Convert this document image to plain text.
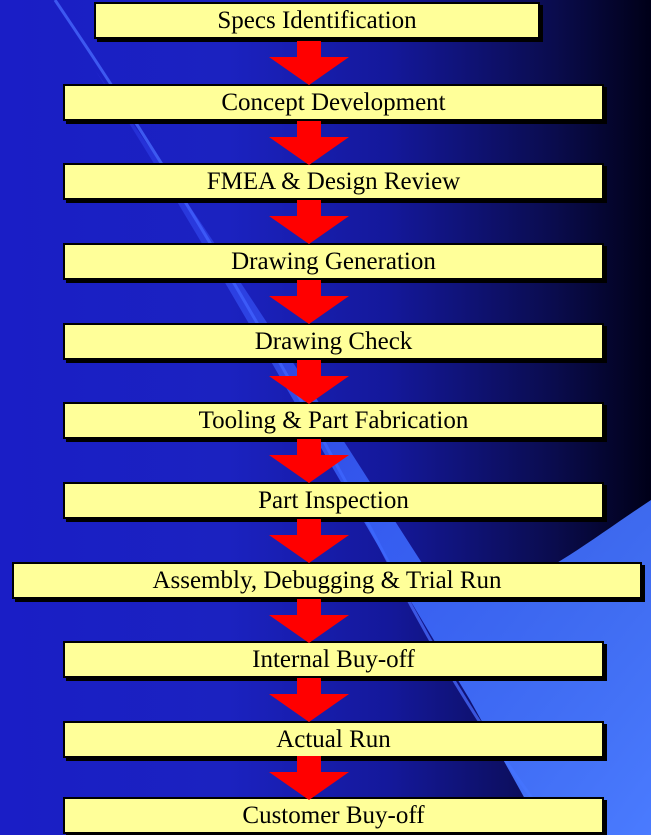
Specs Identification
Concept Development
FMEA & Design Review
Drawing Generation
Drawing Check
Tooling & Part Fabrication
Part Inspection
Assembly, Debugging & Trial Run
Internal Buy-off
Actual Run
Customer Buy-off
